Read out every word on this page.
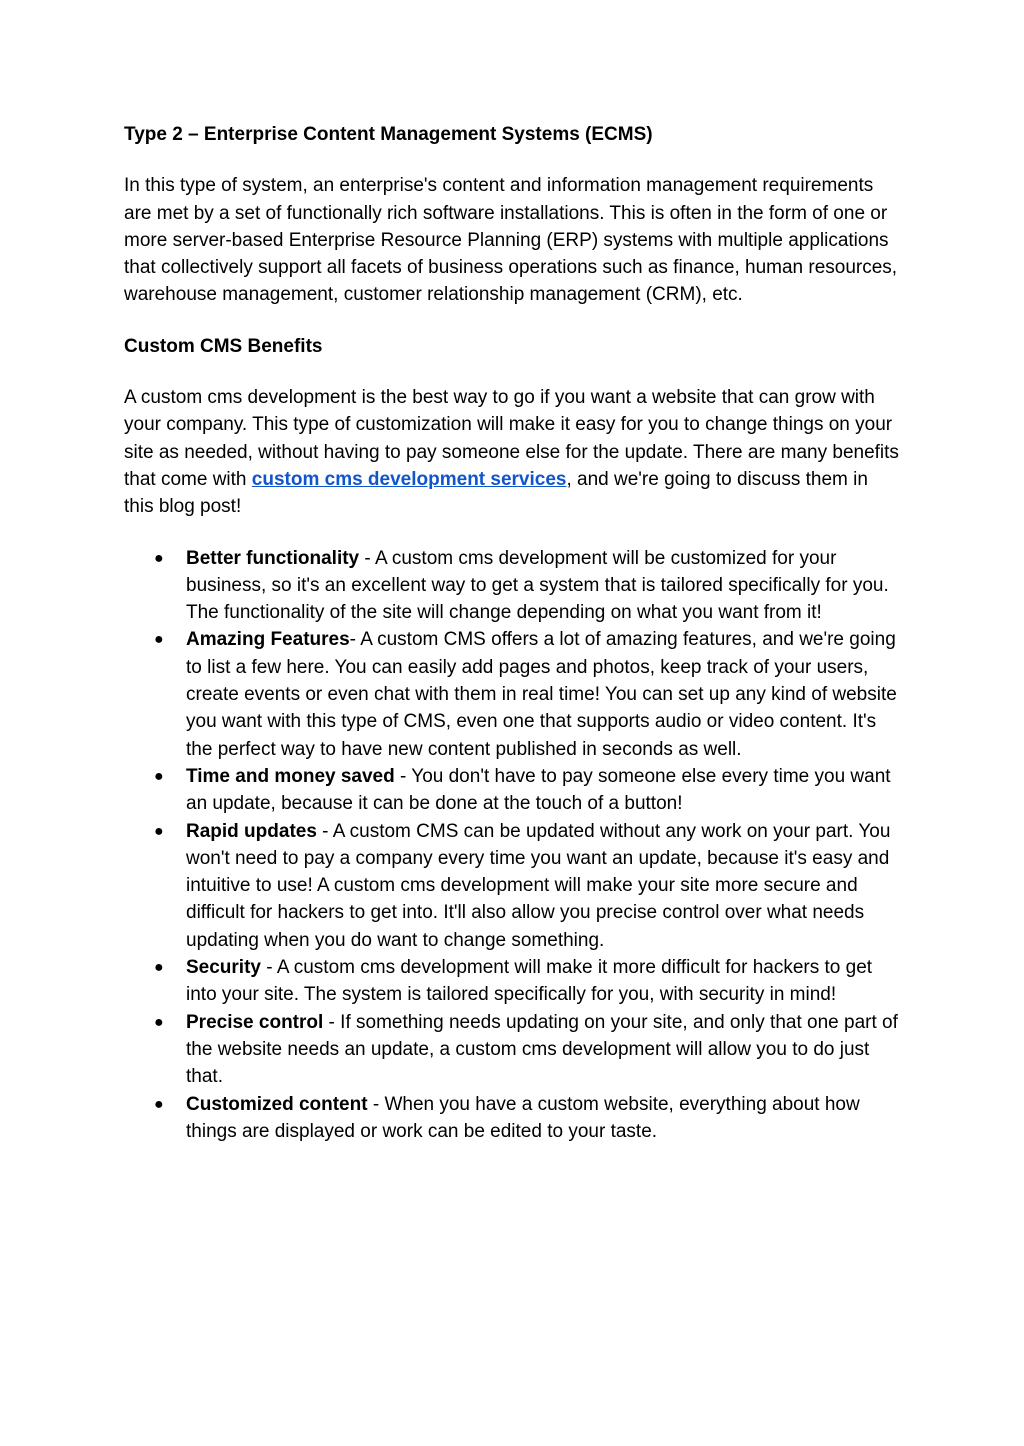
Type 2 – Enterprise Content Management Systems (ECMS)

In this type of system, an enterprise's content and information management requirements are met by a set of functionally rich software installations. This is often in the form of one or more server-based Enterprise Resource Planning (ERP) systems with multiple applications that collectively support all facets of business operations such as finance, human resources, warehouse management, customer relationship management (CRM), etc.

Custom CMS Benefits

A custom cms development is the best way to go if you want a website that can grow with your company. This type of customization will make it easy for you to change things on your site as needed, without having to pay someone else for the update. There are many benefits that come with custom cms development services, and we're going to discuss them in this blog post!

● Better functionality - A custom cms development will be customized for your business, so it's an excellent way to get a system that is tailored specifically for you. The functionality of the site will change depending on what you want from it!
● Amazing Features- A custom CMS offers a lot of amazing features, and we're going to list a few here. You can easily add pages and photos, keep track of your users, create events or even chat with them in real time! You can set up any kind of website you want with this type of CMS, even one that supports audio or video content. It's the perfect way to have new content published in seconds as well.
● Time and money saved - You don't have to pay someone else every time you want an update, because it can be done at the touch of a button!
● Rapid updates - A custom CMS can be updated without any work on your part. You won't need to pay a company every time you want an update, because it's easy and intuitive to use! A custom cms development will make your site more secure and difficult for hackers to get into. It'll also allow you precise control over what needs updating when you do want to change something.
● Security - A custom cms development will make it more difficult for hackers to get into your site. The system is tailored specifically for you, with security in mind!
● Precise control - If something needs updating on your site, and only that one part of the website needs an update, a custom cms development will allow you to do just that.
● Customized content - When you have a custom website, everything about how things are displayed or work can be edited to your taste.
